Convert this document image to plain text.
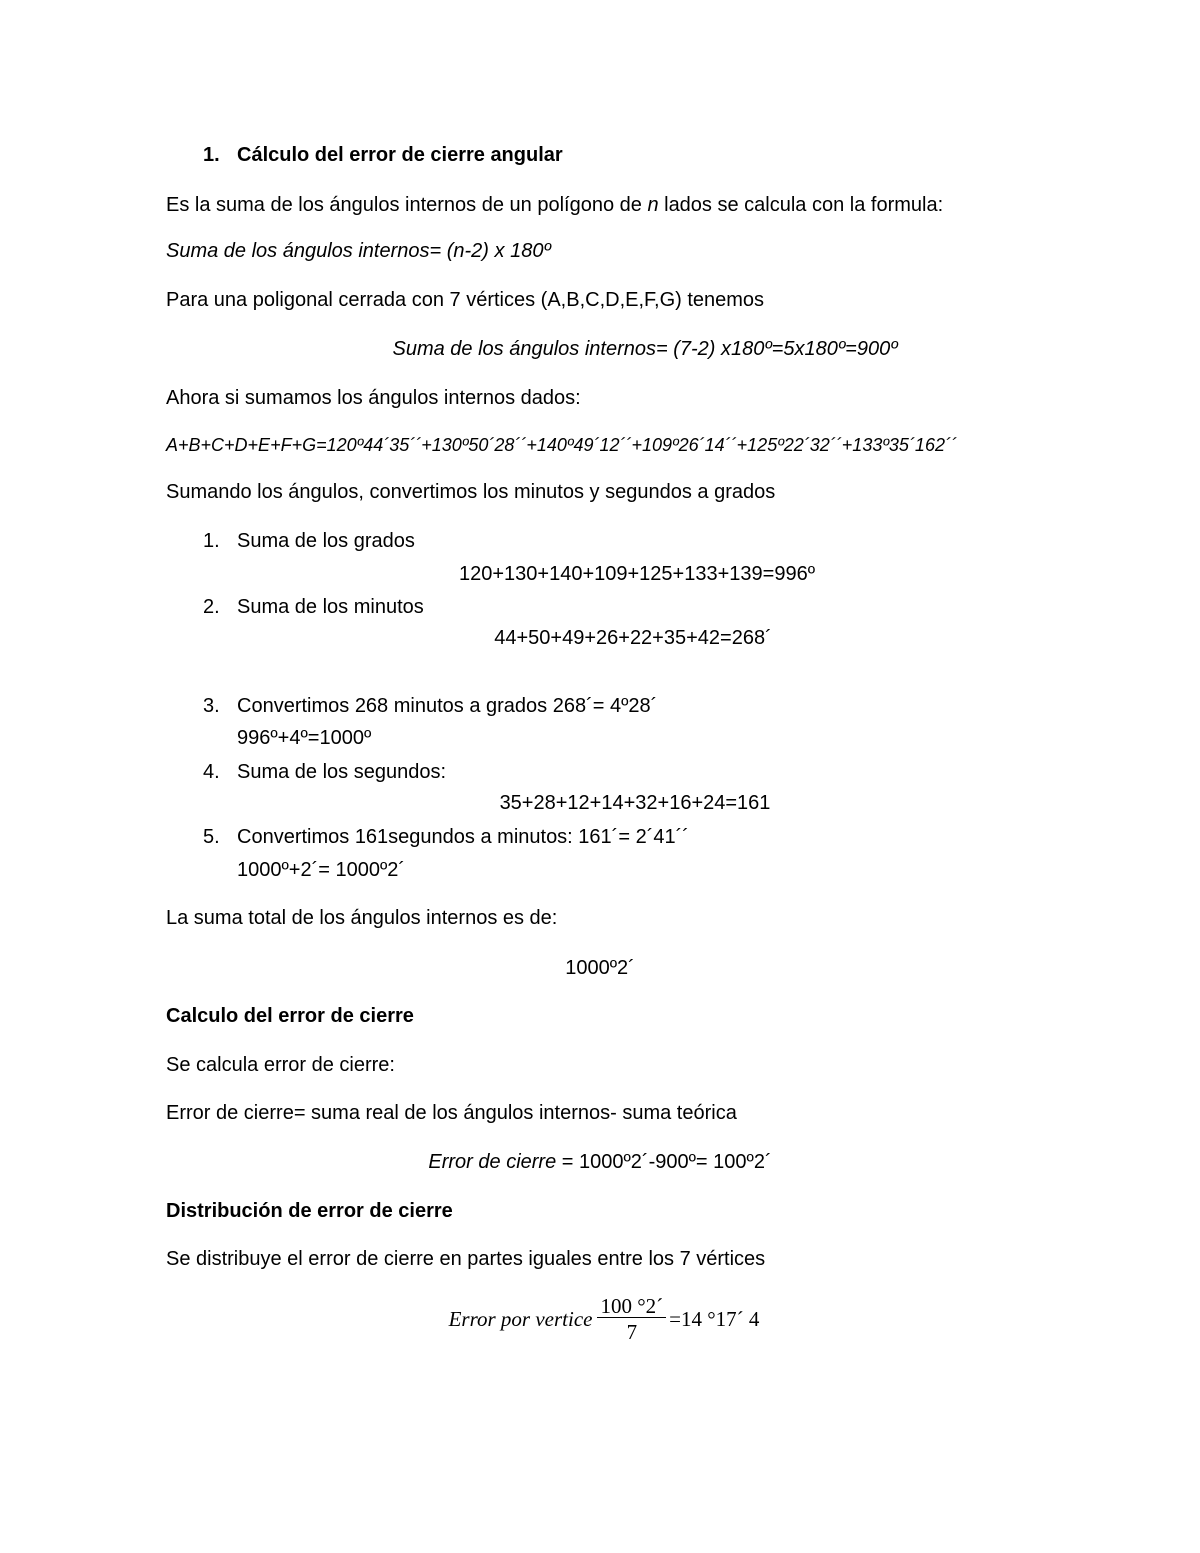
1. Cálculo del error de cierre angular
Es la suma de los ángulos internos de un polígono de n lados se calcula con la formula:
Suma de los ángulos internos= (n-2) x 180º
Para una poligonal cerrada con 7 vértices (A,B,C,D,E,F,G) tenemos
Suma de los ángulos internos= (7-2) x180º=5x180º=900º
Ahora si sumamos los ángulos internos dados:
A+B+C+D+E+F+G=120º44´35´´+130º50´28´´+140º49´12´´+109º26´14´´+125º22´32´´+133º35´162´´
Sumando los ángulos, convertimos los minutos y segundos a grados
1. Suma de los grados
120+130+140+109+125+133+139=996º
2. Suma de los minutos
44+50+49+26+22+35+42=268´
3. Convertimos 268 minutos a grados 268´= 4º28´
996º+4º=1000º
4. Suma de los segundos:
35+28+12+14+32+16+24=161
5. Convertimos 161segundos a minutos: 161´= 2´41´´
1000º+2´= 1000º2´
La suma total de los ángulos internos es de:
1000º2´
Calculo del error de cierre
Se calcula error de cierre:
Error de cierre= suma real de los ángulos internos- suma teórica
Error de cierre = 1000º2´-900º= 100º2´
Distribución de error de cierre
Se distribuye el error de cierre en partes iguales entre los 7 vértices
Error por vertice $\frac{100 ^\circ 2´}{7} =14$ °17´ 4
